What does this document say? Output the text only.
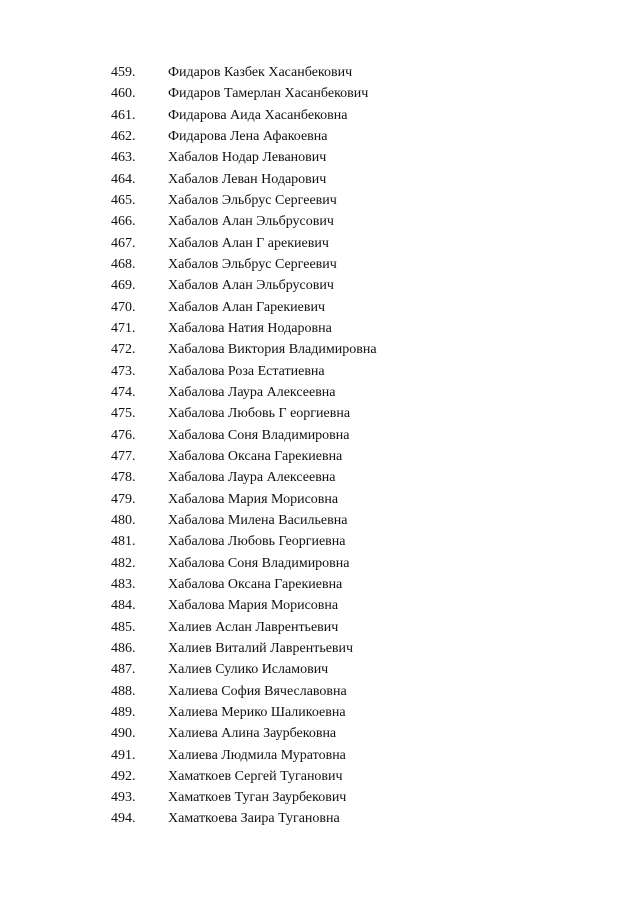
459. Фидаров Казбек Хасанбекович
460. Фидаров Тамерлан Хасанбекович
461. Фидарова Аида Хасанбековна
462. Фидарова Лена Афакоевна
463. Хабалов Нодар Леванович
464. Хабалов Леван Нодарович
465. Хабалов Эльбрус Сергеевич
466. Хабалов Алан Эльбрусович
467. Хабалов Алан Г арекиевич
468. Хабалов Эльбрус Сергеевич
469. Хабалов Алан Эльбрусович
470. Хабалов Алан Гарекиевич
471. Хабалова Натия Нодаровна
472. Хабалова Виктория Владимировна
473. Хабалова Роза Естатиевна
474. Хабалова Лаура Алексеевна
475. Хабалова Любовь Г еоргиевна
476. Хабалова Соня Владимировна
477. Хабалова Оксана Гарекиевна
478. Хабалова Лаура Алексеевна
479. Хабалова Мария Морисовна
480. Хабалова Милена Васильевна
481. Хабалова Любовь Георгиевна
482. Хабалова Соня Владимировна
483. Хабалова Оксана Гарекиевна
484. Хабалова Мария Морисовна
485. Халиев Аслан Лаврентьевич
486. Халиев Виталий Лаврентьевич
487. Халиев Сулико Исламович
488. Халиева София Вячеславовна
489. Халиева Мерико Шаликоевна
490. Халиева Алина Заурбековна
491. Халиева Людмила Муратовна
492. Хаматкоев Сергей Туганович
493. Хаматкоев Туган Заурбекович
494. Хаматкоева Заира Тугановна
